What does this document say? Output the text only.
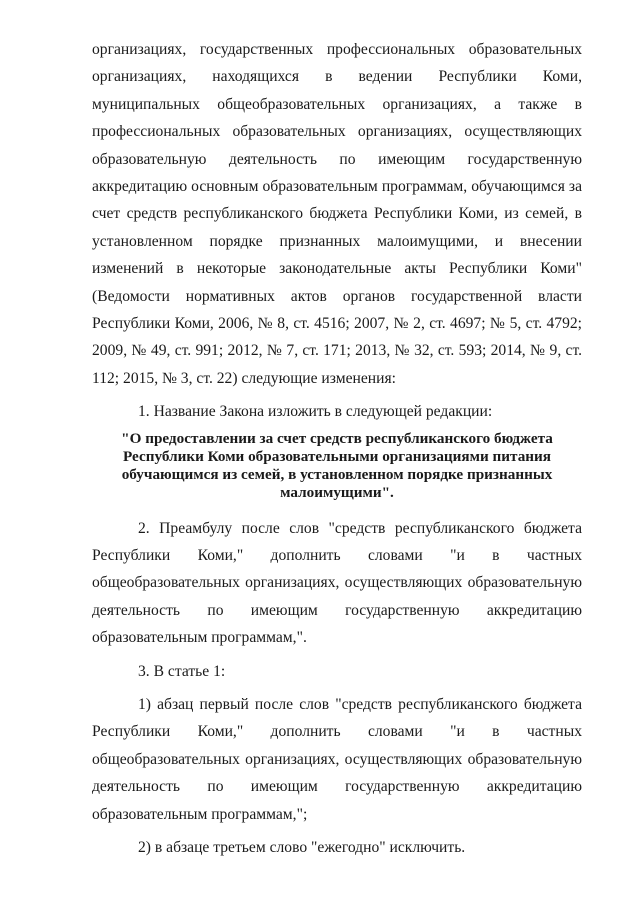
организациях, государственных профессиональных образовательных организациях, находящихся в ведении Республики Коми, муниципальных общеобразовательных организациях, а также в профессиональных образовательных организациях, осуществляющих образовательную деятельность по имеющим государственную аккредитацию основным образовательным программам, обучающимся за счет средств республиканского бюджета Республики Коми, из семей, в установленном порядке признанных малоимущими, и внесении изменений в некоторые законодательные акты Республики Коми" (Ведомости нормативных актов органов государственной власти Республики Коми, 2006, № 8, ст. 4516; 2007, № 2, ст. 4697; № 5, ст. 4792; 2009, № 49, ст. 991; 2012, № 7, ст. 171; 2013, № 32, ст. 593; 2014, № 9, ст. 112; 2015, № 3, ст. 22) следующие изменения:

1. Название Закона изложить в следующей редакции:

"О предоставлении за счет средств республиканского бюджета Республики Коми образовательными организациями питания обучающимся из семей, в установленном порядке признанных малоимущими".

2. Преамбулу после слов "средств республиканского бюджета Республики Коми," дополнить словами "и в частных общеобразовательных организациях, осуществляющих образовательную деятельность по имеющим государственную аккредитацию образовательным программам,".

3. В статье 1:

1) абзац первый после слов "средств республиканского бюджета Республики Коми," дополнить словами "и в частных общеобразовательных организациях, осуществляющих образовательную деятельность по имеющим государственную аккредитацию образовательным программам,";

2) в абзаце третьем слово "ежегодно" исключить.
